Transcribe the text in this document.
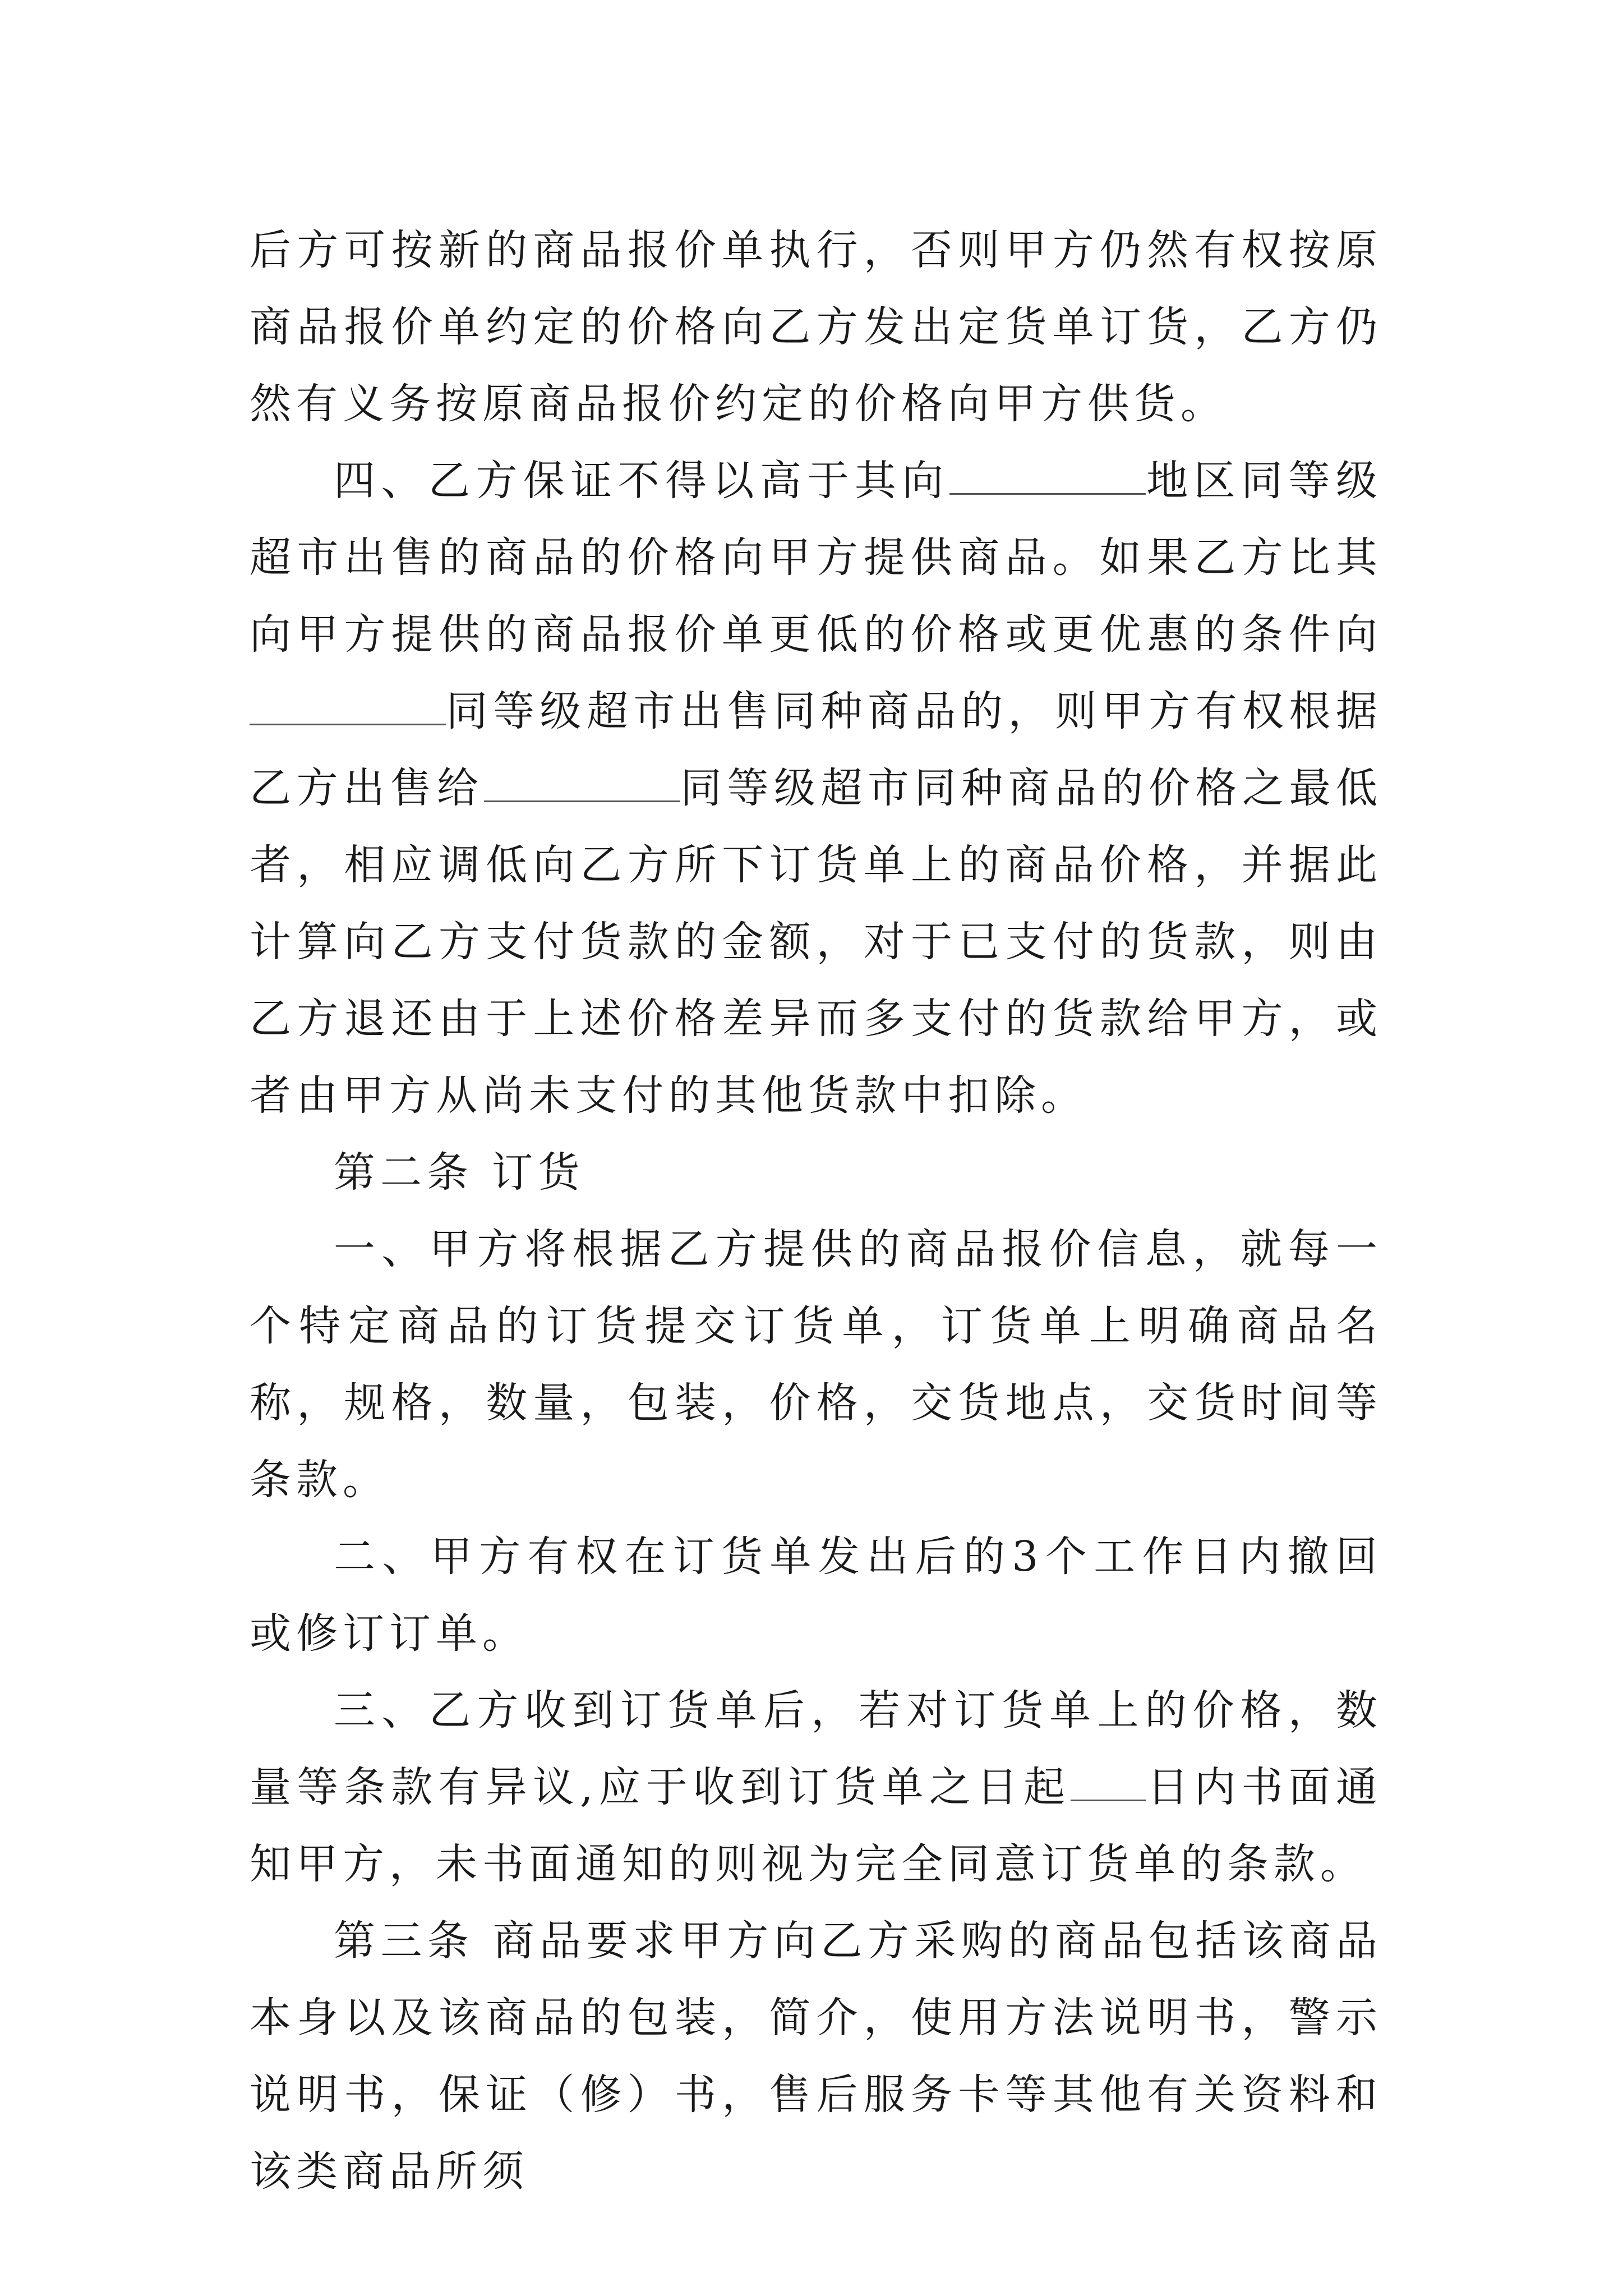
后方可按新的商品报价单执行，否则甲方仍然有权按原商品报价单约定的价格向乙方发出定货单订货，乙方仍然有义务按原商品报价约定的价格向甲方供货。

四、乙方保证不得以高于其向	地区同等级超市出售的商品的价格向甲方提供商品。如果乙方比其向甲方提供的商品报价单更低的价格或更优惠的条件向同等级超市出售同种商品的，则甲方有权根据乙方出售给	同等级超市同种商品的价格之最低者，相应调低向乙方所下订货单上的商品价格，并据此计算向乙方支付货款的金额，对于已支付的货款，则由乙方退还由于上述价格差异而多支付的货款给甲方，或者由甲方从尚未支付的其他货款中扣除。

第二条 订货

一、甲方将根据乙方提供的商品报价信息，就每一个特定商品的订货提交订货单，订货单上明确商品名称，规格，数量，包装，价格，交货地点，交货时间等条款。

二、甲方有权在订货单发出后的3个工作日内撤回或修订订单。

三、乙方收到订货单后，若对订货单上的价格，数量等条款有异议,应于收到订货单之日起 日内书面通知甲方，未书面通知的则视为完全同意订货单的条款。

第三条 商品要求甲方向乙方采购的商品包括该商品本身以及该商品的包装，简介，使用方法说明书，警示说明书，保证（修）书，售后服务卡等其他有关资料和该类商品所须
